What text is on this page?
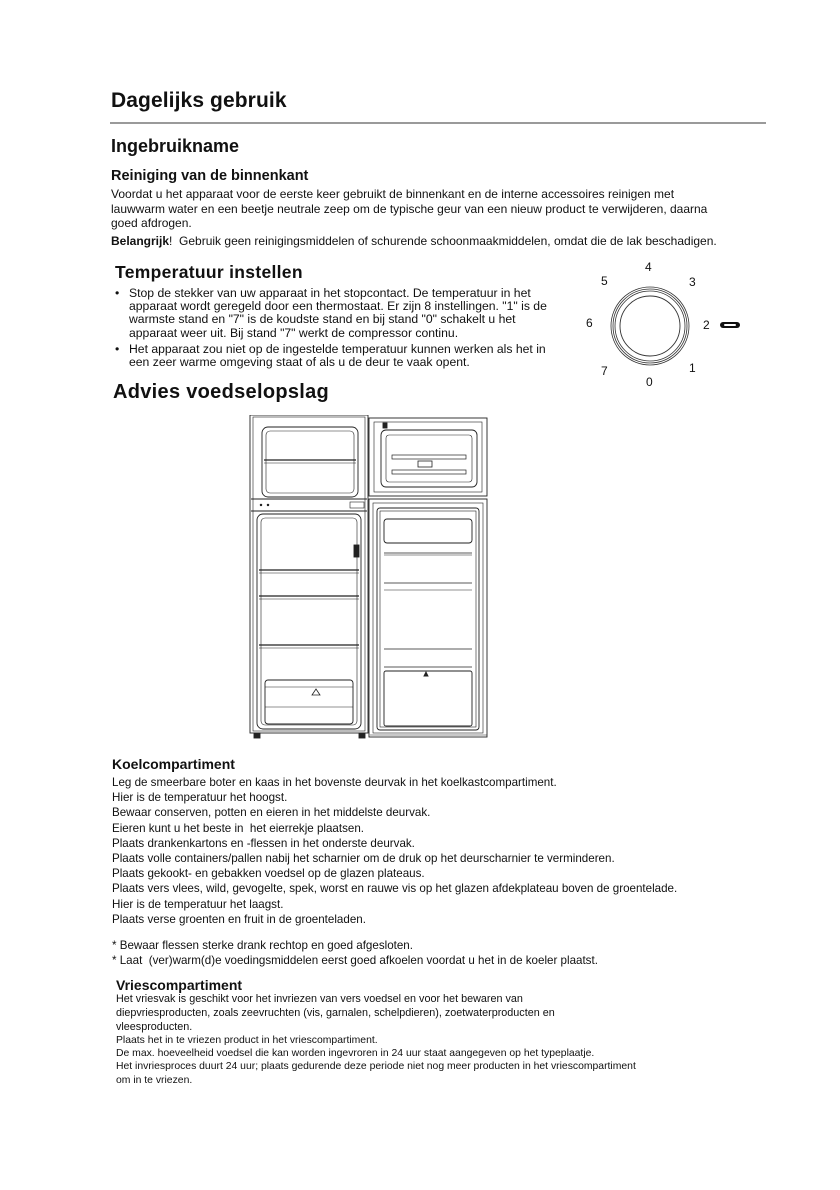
Dagelijks gebruik
Ingebruikname
Reiniging van de binnenkant
Voordat u het apparaat voor de eerste keer gebruikt de binnenkant en de interne accessoires reinigen met
lauwwarm water en een beetje neutrale zeep om de typische geur van een nieuw product te verwijderen, daarna
goed afdrogen.
Belangrijk!  Gebruik geen reinigingsmiddelen of schurende schoonmaakmiddelen, omdat die de lak beschadigen.
Temperatuur instellen
• Stop de stekker van uw apparaat in het stopcontact. De temperatuur in het apparaat wordt geregeld door een thermostaat. Er zijn 8 instellingen. "1" is de warmste stand en "7" is de koudste stand en bij stand "0" schakelt u het apparaat weer uit. Bij stand "7" werkt de compressor continu.
• Het apparaat zou niet op de ingestelde temperatuur kunnen werken als het in een zeer warme omgeving staat of als u de deur te vaak opent.
4
3
2
1
0
7
6
5
Advies voedselopslag
Koelcompartiment
Leg de smeerbare boter en kaas in het bovenste deurvak in het koelkastcompartiment.
Hier is de temperatuur het hoogst.
Bewaar conserven, potten en eieren in het middelste deurvak.
Eieren kunt u het beste in  het eierrekje plaatsen.
Plaats drankenkartons en -flessen in het onderste deurvak.
Plaats volle containers/pallen nabij het scharnier om de druk op het deurscharnier te verminderen.
Plaats gekookt- en gebakken voedsel op de glazen plateaus.
Plaats vers vlees, wild, gevogelte, spek, worst en rauwe vis op het glazen afdekplateau boven de groentelade.
Hier is de temperatuur het laagst.
Plaats verse groenten en fruit in de groenteladen.
* Bewaar flessen sterke drank rechtop en goed afgesloten.
* Laat  (ver)warm(d)e voedingsmiddelen eerst goed afkoelen voordat u het in de koeler plaatst.
Vriescompartiment
Het vriesvak is geschikt voor het invriezen van vers voedsel en voor het bewaren van
diepvriesproducten, zoals zeevruchten (vis, garnalen, schelpdieren), zoetwaterproducten en
vleesproducten.
Plaats het in te vriezen product in het vriescompartiment.
De max. hoeveelheid voedsel die kan worden ingevroren in 24 uur staat aangegeven op het typeplaatje.
Het invriesproces duurt 24 uur; plaats gedurende deze periode niet nog meer producten in het vriescompartiment
om in te vriezen.
